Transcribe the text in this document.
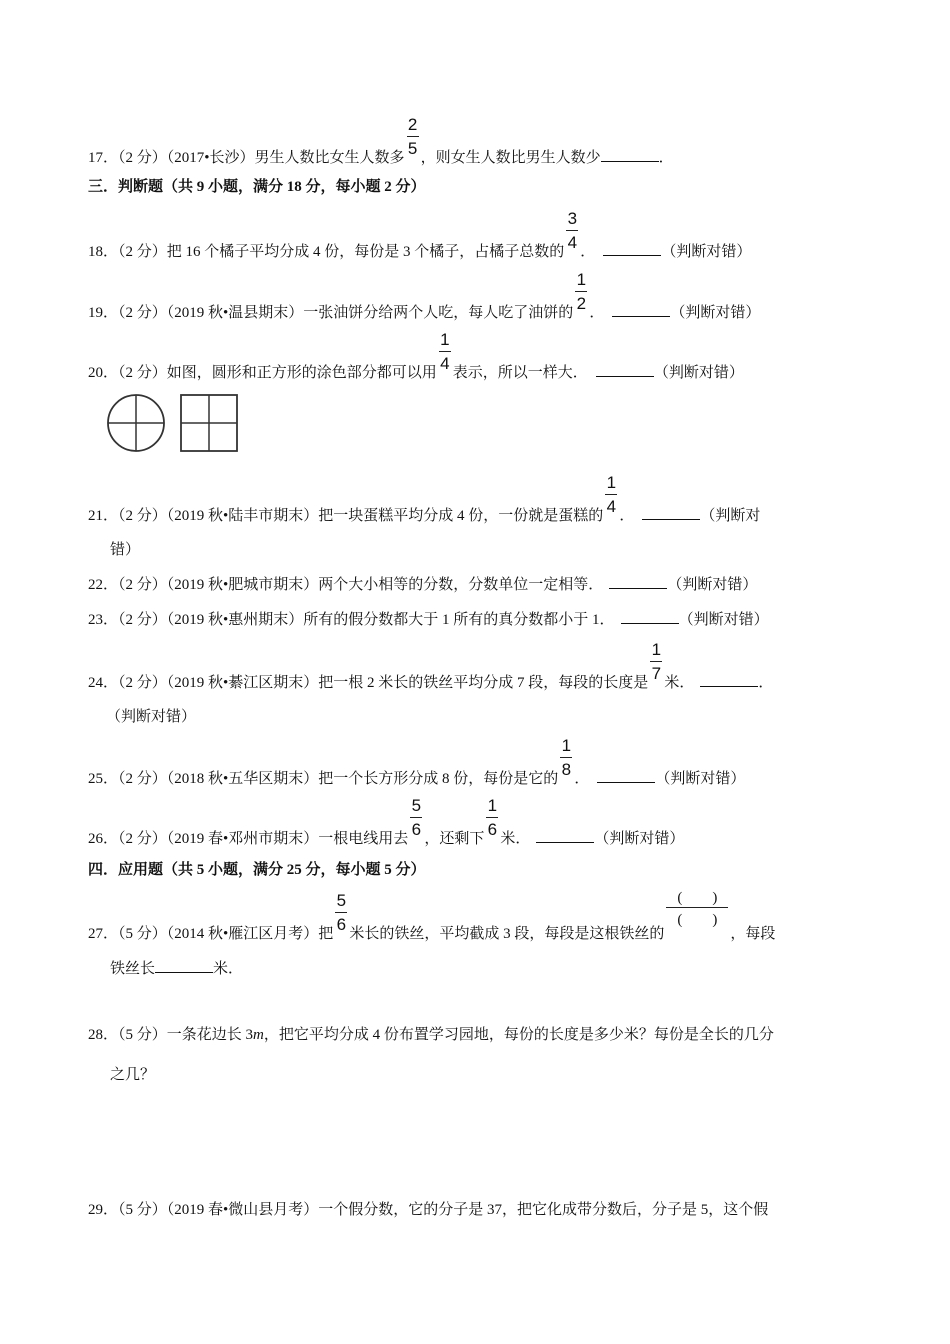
17．（2 分）（2017•长沙）男生人数比女生人数多 $\frac{2}{5}$ ，则女生人数比男生人数少	．
三．判断题（共 9 小题，满分 18 分，每小题 2 分）
18．（2 分）把 16 个橘子平均分成 4 份，每份是 3 个橘子，占橘子总数的 $\frac{3}{4}$ ．	（判断对错）
19．（2 分）（2019 秋•温县期末）一张油饼分给两个人吃，每人吃了油饼的 $\frac{1}{2}$ ．	（判断对错）
20．（2 分）如图，圆形和正方形的涂色部分都可以用 $\frac{1}{4}$ 表示，所以一样大．	（判断对错）
21．（2 分）（2019 秋•陆丰市期末）把一块蛋糕平均分成 4 份，一份就是蛋糕的 $\frac{1}{4}$ ．	（判断对
错）
22．（2 分）（2019 秋•肥城市期末）两个大小相等的分数，分数单位一定相等．	（判断对错）
23．（2 分）（2019 秋•惠州期末）所有的假分数都大于 1 所有的真分数都小于 1．	（判断对错）
24．（2 分）（2019 秋•綦江区期末）把一根 2 米长的铁丝平均分成 7 段，每段的长度是 $\frac{1}{7}$ 米．	．
（判断对错）
25．（2 分）（2018 秋•五华区期末）把一个长方形分成 8 份，每份是它的 $\frac{1}{8}$ ．	（判断对错）
26．（2 分）（2019 春•邓州市期末）一根电线用去 $\frac{5}{6}$ ，还剩下 $\frac{1}{6}$ 米．	（判断对错）
四．应用题（共 5 小题，满分 25 分，每小题 5 分）
27．（5 分）（2014 秋•雁江区月考）把 $\frac{5}{6}$ 米长的铁丝，平均截成 3 段，每段是这根铁丝的
(　　)
(　　)
，每段
铁丝长	米．
28．（5 分）一条花边长 3m，把它平均分成 4 份布置学习园地，每份的长度是多少米？每份是全长的几分
之几？
29．（5 分）（2019 春•微山县月考）一个假分数，它的分子是 37，把它化成带分数后，分子是 5，这个假
